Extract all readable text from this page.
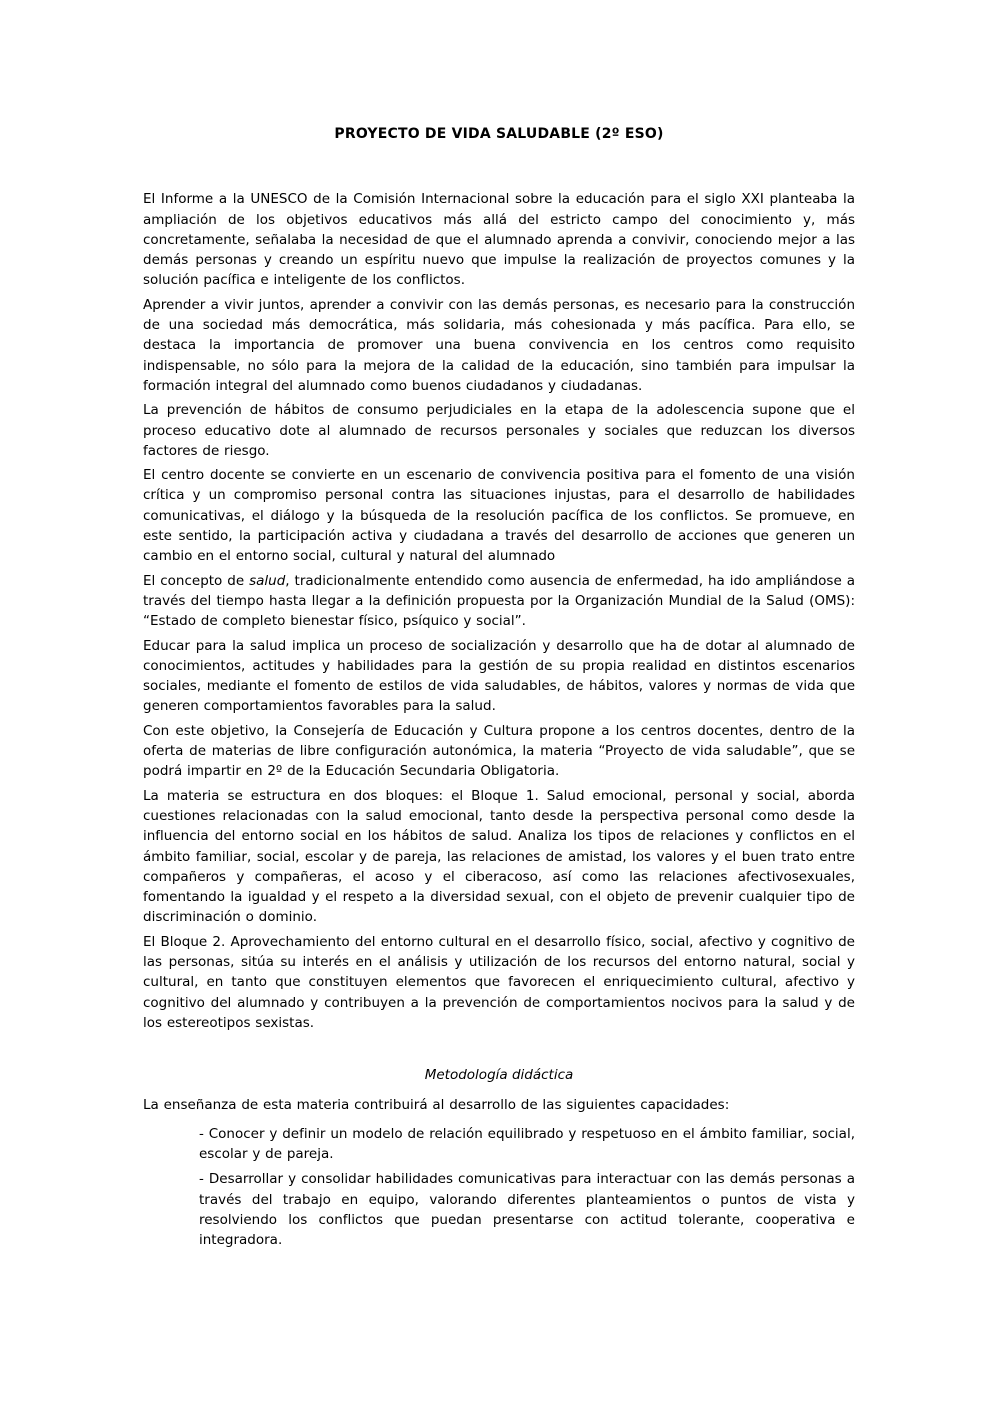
PROYECTO DE VIDA SALUDABLE (2º ESO)

El Informe a la UNESCO de la Comisión Internacional sobre la educación para el siglo XXI planteaba la ampliación de los objetivos educativos más allá del estricto campo del conocimiento y, más concretamente, señalaba la necesidad de que el alumnado aprenda a convivir, conociendo mejor a las demás personas y creando un espíritu nuevo que impulse la realización de proyectos comunes y la solución pacífica e inteligente de los conflictos.

Aprender a vivir juntos, aprender a convivir con las demás personas, es necesario para la construcción de una sociedad más democrática, más solidaria, más cohesionada y más pacífica. Para ello, se destaca la importancia de promover una buena convivencia en los centros como requisito indispensable, no sólo para la mejora de la calidad de la educación, sino también para impulsar la formación integral del alumnado como buenos ciudadanos y ciudadanas.

La prevención de hábitos de consumo perjudiciales en la etapa de la adolescencia supone que el proceso educativo dote al alumnado de recursos personales y sociales que reduzcan los diversos factores de riesgo.

El centro docente se convierte en un escenario de convivencia positiva para el fomento de una visión crítica y un compromiso personal contra las situaciones injustas, para el desarrollo de habilidades comunicativas, el diálogo y la búsqueda de la resolución pacífica de los conflictos. Se promueve, en este sentido, la participación activa y ciudadana a través del desarrollo de acciones que generen un cambio en el entorno social, cultural y natural del alumnado

El concepto de salud, tradicionalmente entendido como ausencia de enfermedad, ha ido ampliándose a través del tiempo hasta llegar a la definición propuesta por la Organización Mundial de la Salud (OMS): “Estado de completo bienestar físico, psíquico y social”.

Educar para la salud implica un proceso de socialización y desarrollo que ha de dotar al alumnado de conocimientos, actitudes y habilidades para la gestión de su propia realidad en distintos escenarios sociales, mediante el fomento de estilos de vida saludables, de hábitos, valores y normas de vida que generen comportamientos favorables para la salud.

Con este objetivo, la Consejería de Educación y Cultura propone a los centros docentes, dentro de la oferta de materias de libre configuración autonómica, la materia “Proyecto de vida saludable”, que se podrá impartir en 2º de la Educación Secundaria Obligatoria.

La materia se estructura en dos bloques: el Bloque 1. Salud emocional, personal y social, aborda cuestiones relacionadas con la salud emocional, tanto desde la perspectiva personal como desde la influencia del entorno social en los hábitos de salud. Analiza los tipos de relaciones y conflictos en el ámbito familiar, social, escolar y de pareja, las relaciones de amistad, los valores y el buen trato entre compañeros y compañeras, el acoso y el ciberacoso, así como las relaciones afectivosexuales, fomentando la igualdad y el respeto a la diversidad sexual, con el objeto de prevenir cualquier tipo de discriminación o dominio.

El Bloque 2. Aprovechamiento del entorno cultural en el desarrollo físico, social, afectivo y cognitivo de las personas, sitúa su interés en el análisis y utilización de los recursos del entorno natural, social y cultural, en tanto que constituyen elementos que favorecen el enriquecimiento cultural, afectivo y cognitivo del alumnado y contribuyen a la prevención de comportamientos nocivos para la salud y de los estereotipos sexistas.

Metodología didáctica

La enseñanza de esta materia contribuirá al desarrollo de las siguientes capacidades:

- Conocer y definir un modelo de relación equilibrado y respetuoso en el ámbito familiar, social, escolar y de pareja.

- Desarrollar y consolidar habilidades comunicativas para interactuar con las demás personas a través del trabajo en equipo, valorando diferentes planteamientos o puntos de vista y resolviendo los conflictos que puedan presentarse con actitud tolerante, cooperativa e integradora.
